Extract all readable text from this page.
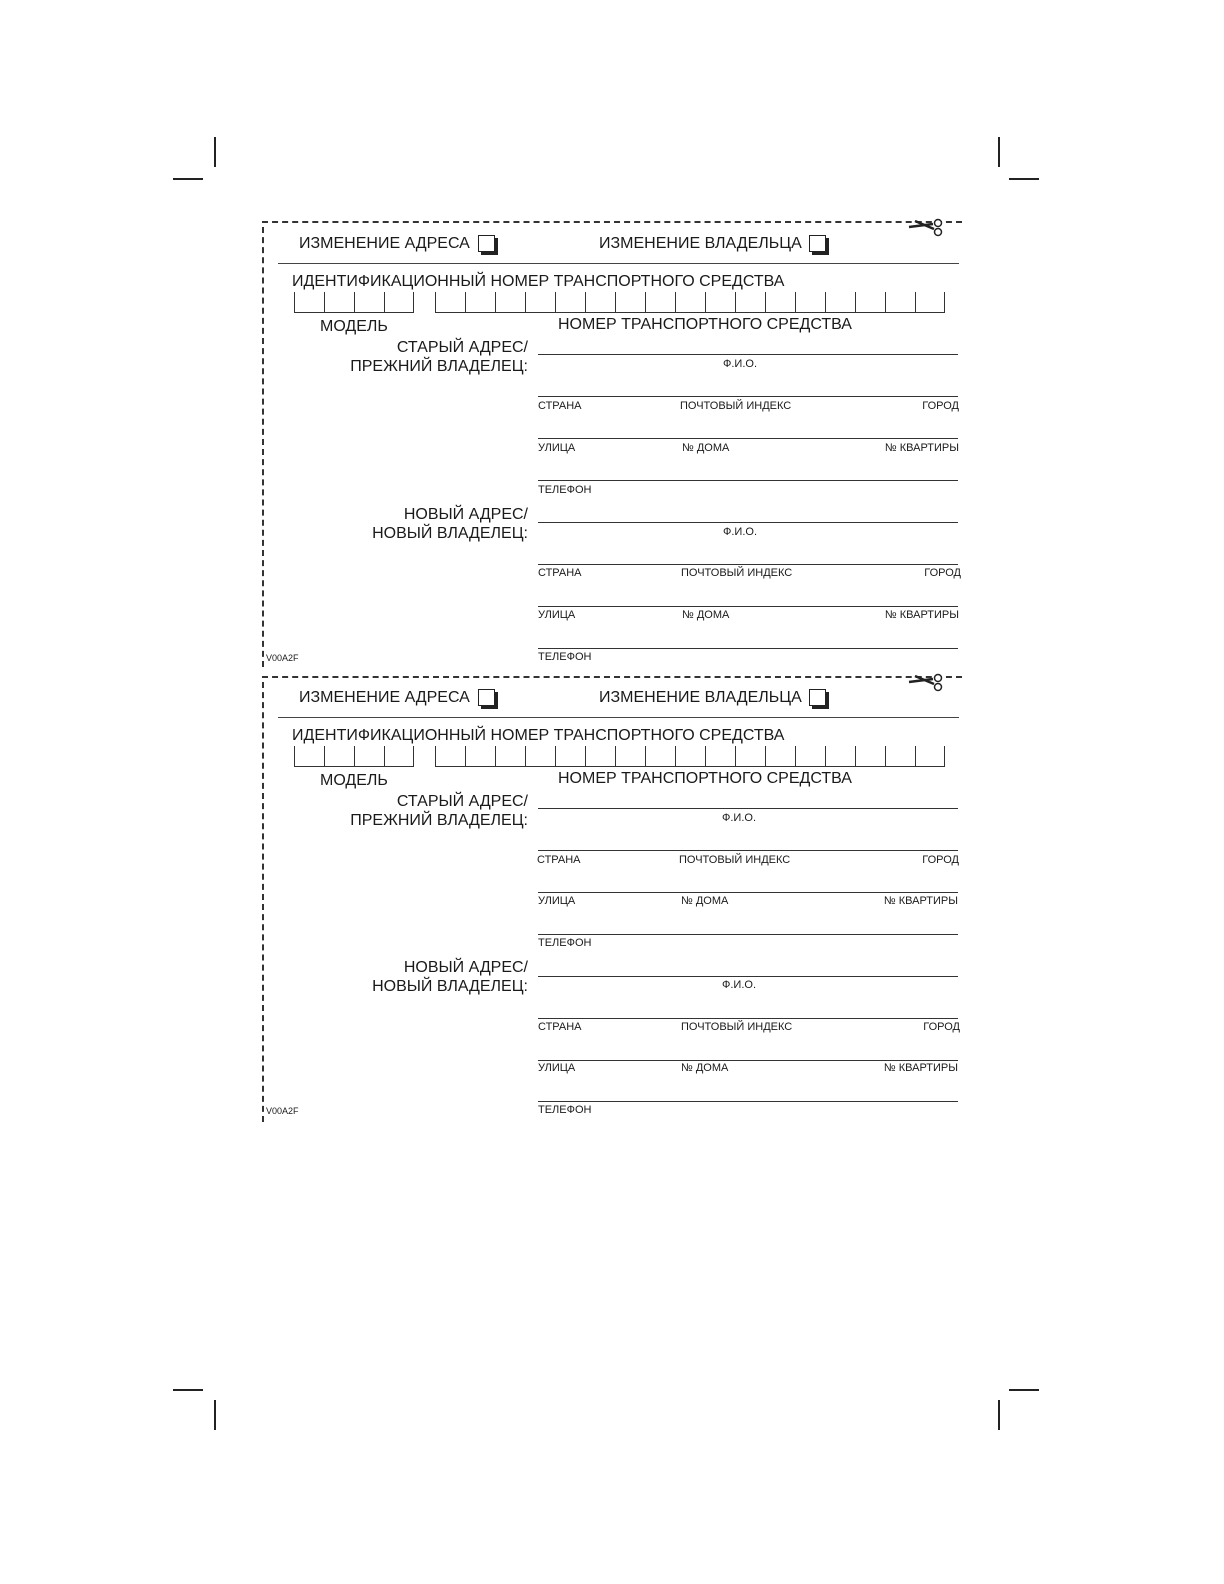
ИЗМЕНЕНИЕ АДРЕСА	ИЗМЕНЕНИЕ ВЛАДЕЛЬЦА
ИДЕНТИФИКАЦИОННЫЙ НОМЕР ТРАНСПОРТНОГО СРЕДСТВА
МОДЕЛЬ	НОМЕР ТРАНСПОРТНОГО СРЕДСТВА
СТАРЫЙ АДРЕС/
ПРЕЖНИЙ ВЛАДЕЛЕЦ:	Ф.И.О.
СТРАНА	ПОЧТОВЫЙ ИНДЕКС	ГОРОД
УЛИЦА	№ ДОМА	№ КВАРТИРЫ
ТЕЛЕФОН
НОВЫЙ АДРЕС/
НОВЫЙ ВЛАДЕЛЕЦ:	Ф.И.О.
СТРАНА	ПОЧТОВЫЙ ИНДЕКС	ГОРОД
УЛИЦА	№ ДОМА	№ КВАРТИРЫ
ТЕЛЕФОН
V00A2F
ИЗМЕНЕНИЕ АДРЕСА	ИЗМЕНЕНИЕ ВЛАДЕЛЬЦА
ИДЕНТИФИКАЦИОННЫЙ НОМЕР ТРАНСПОРТНОГО СРЕДСТВА
МОДЕЛЬ	НОМЕР ТРАНСПОРТНОГО СРЕДСТВА
СТАРЫЙ АДРЕС/
ПРЕЖНИЙ ВЛАДЕЛЕЦ:	Ф.И.О.
СТРАНА	ПОЧТОВЫЙ ИНДЕКС	ГОРОД
УЛИЦА	№ ДОМА	№ КВАРТИРЫ
ТЕЛЕФОН
НОВЫЙ АДРЕС/
НОВЫЙ ВЛАДЕЛЕЦ:	Ф.И.О.
СТРАНА	ПОЧТОВЫЙ ИНДЕКС	ГОРОД
УЛИЦА	№ ДОМА	№ КВАРТИРЫ
ТЕЛЕФОН
V00A2F
